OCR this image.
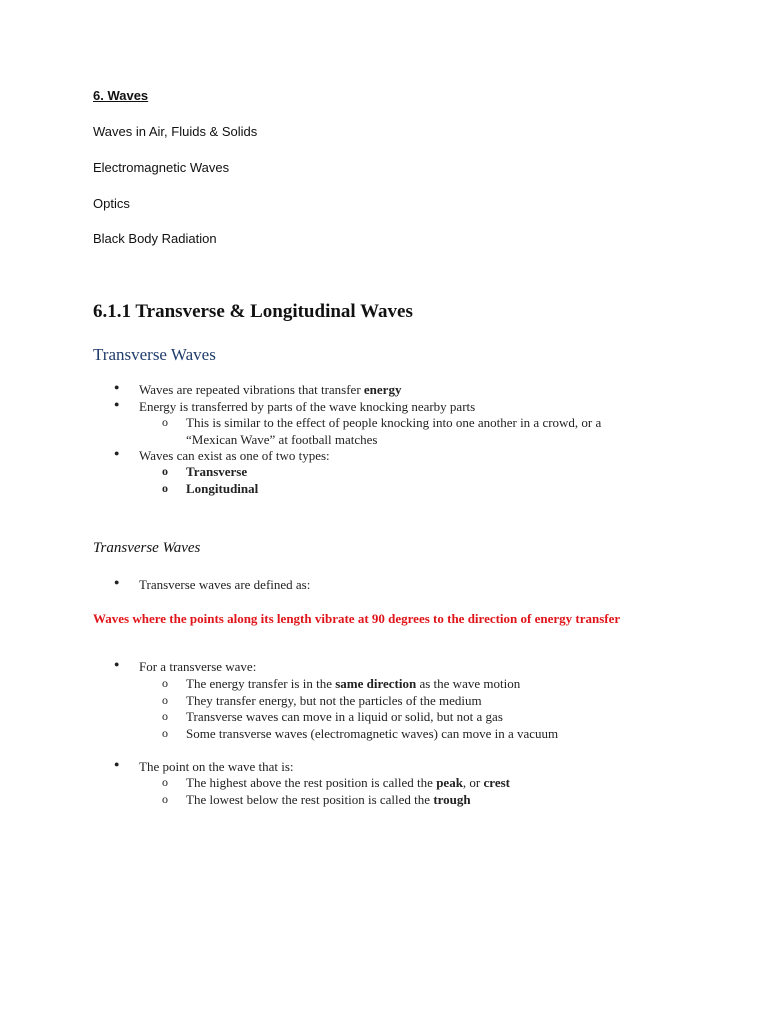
6. Waves
Waves in Air, Fluids & Solids
Electromagnetic Waves
Optics
Black Body Radiation
6.1.1 Transverse & Longitudinal Waves
Transverse Waves
● Waves are repeated vibrations that transfer energy
● Energy is transferred by parts of the wave knocking nearby parts
o This is similar to the effect of people knocking into one another in a crowd, or a
“Mexican Wave” at football matches
● Waves can exist as one of two types:
o Transverse
o Longitudinal
Transverse Waves
● Transverse waves are defined as:
Waves where the points along its length vibrate at 90 degrees to the direction of energy transfer
● For a transverse wave:
o The energy transfer is in the same direction as the wave motion
o They transfer energy, but not the particles of the medium
o Transverse waves can move in a liquid or solid, but not a gas
o Some transverse waves (electromagnetic waves) can move in a vacuum
● The point on the wave that is:
o The highest above the rest position is called the peak, or crest
o The lowest below the rest position is called the trough
